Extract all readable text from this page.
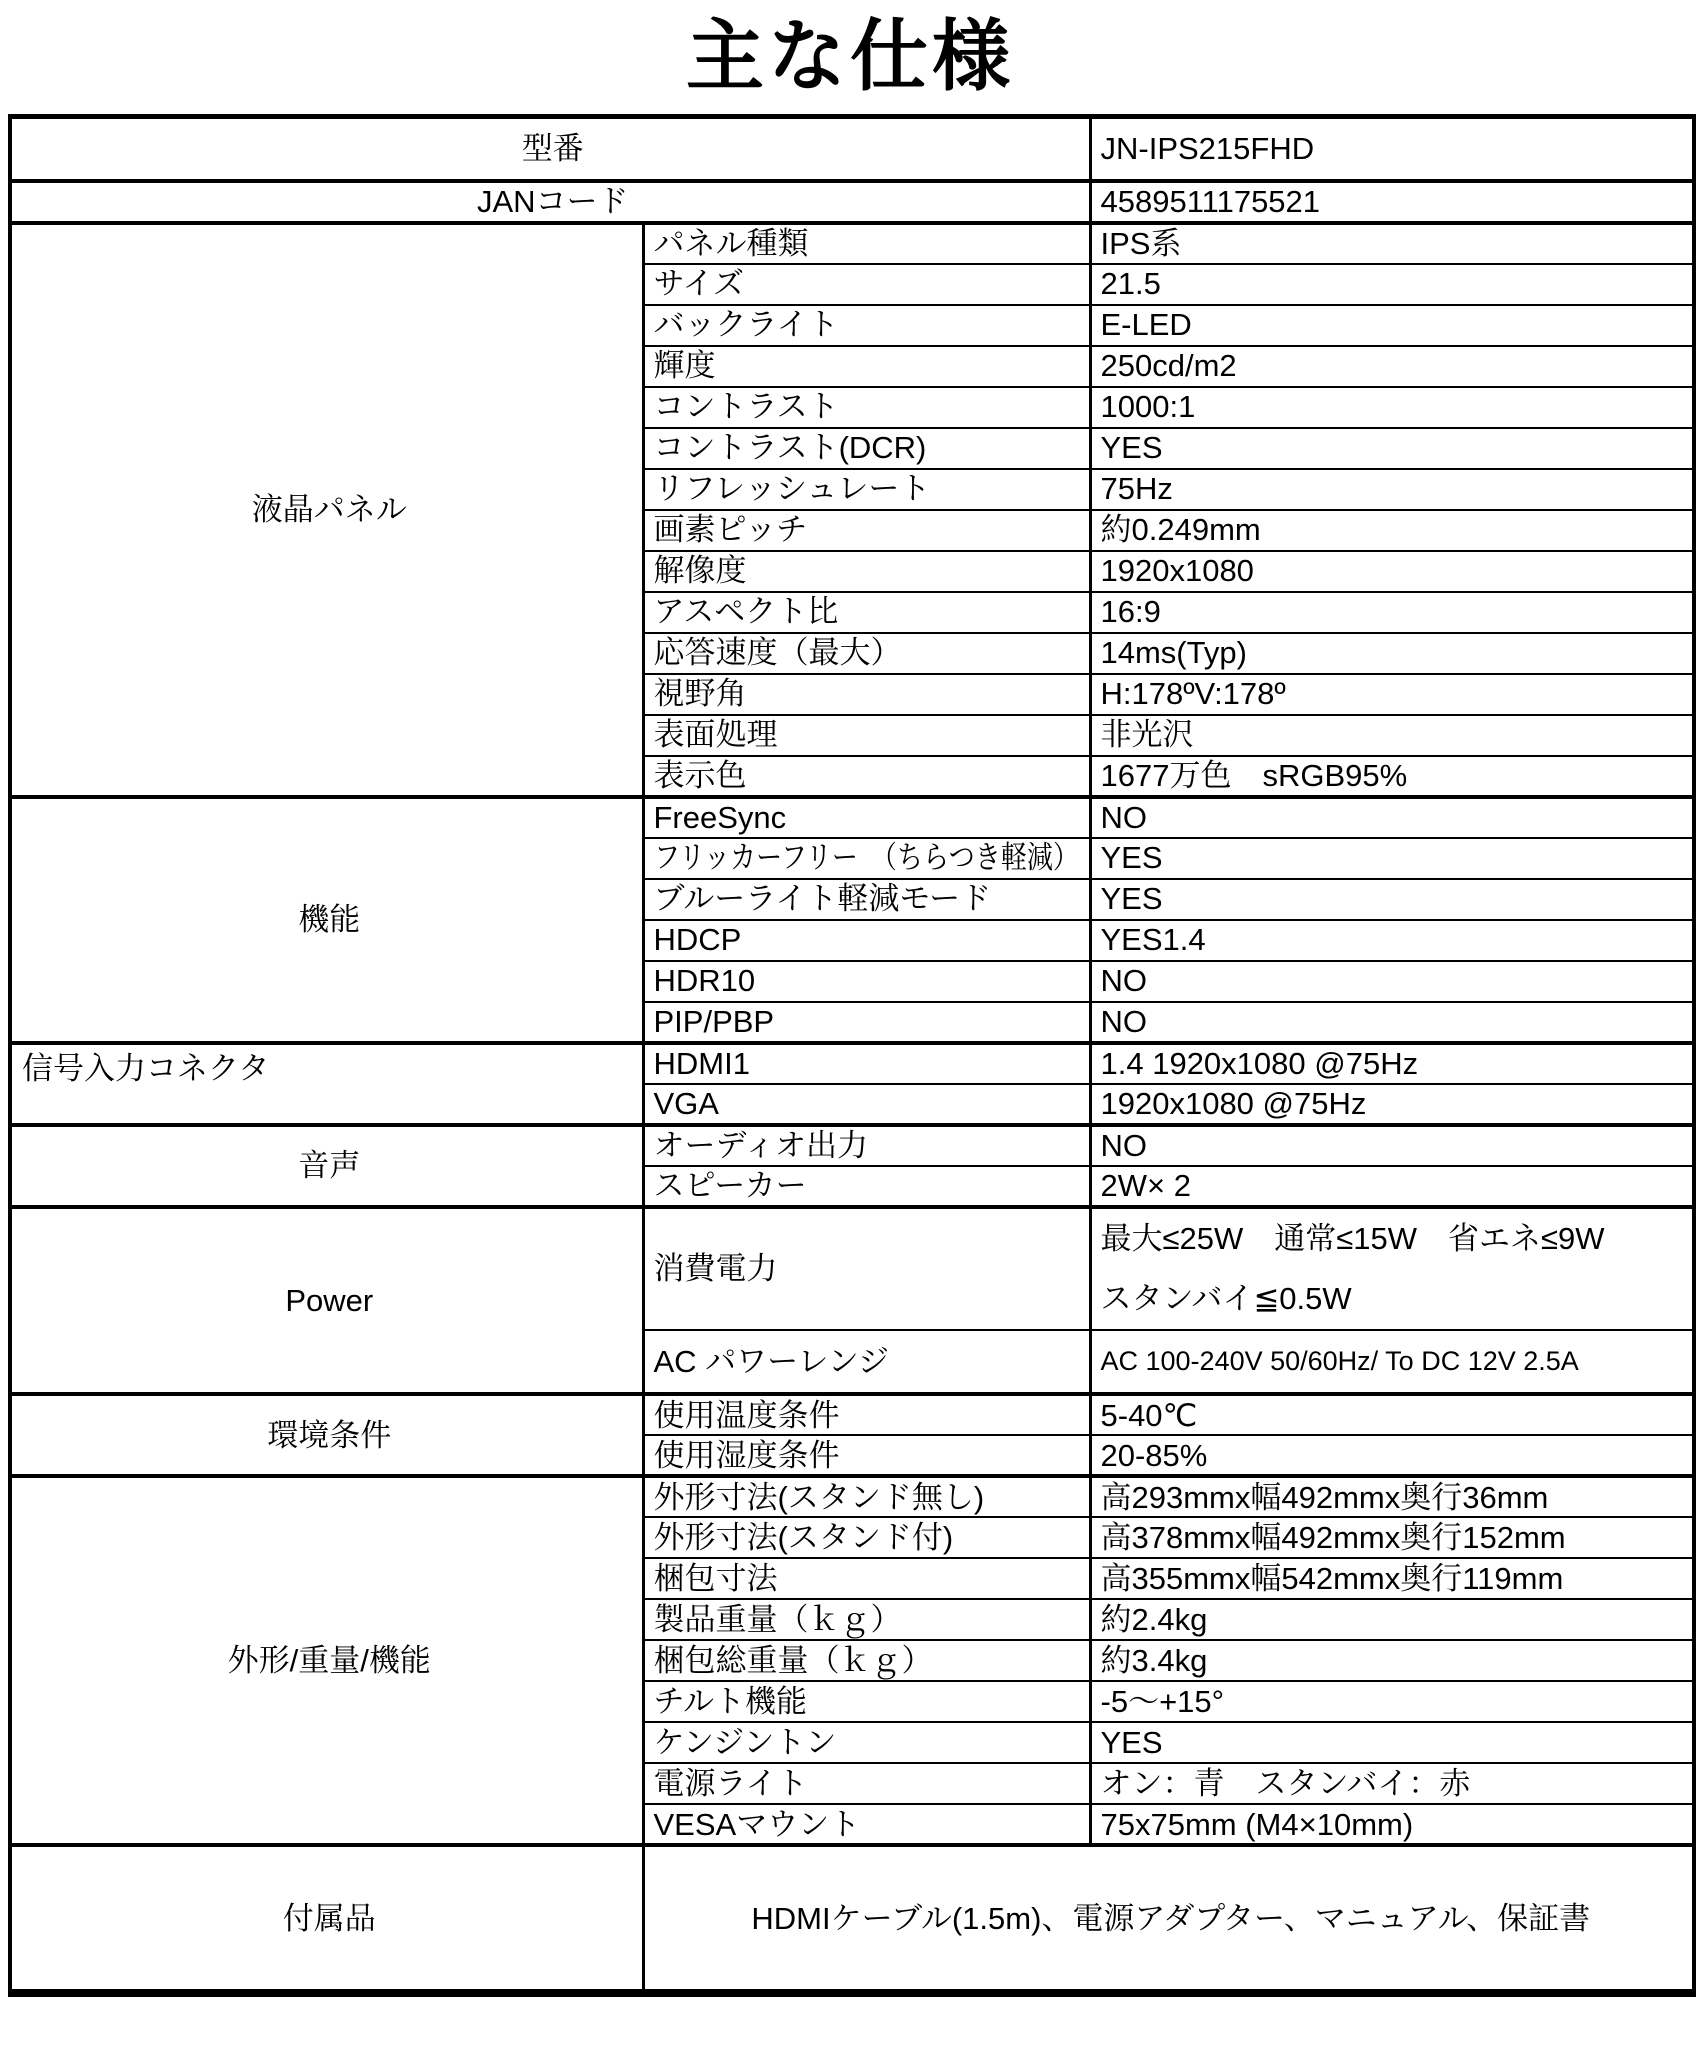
主な仕様
型番		JN-IPS215FHD
JANコード		4589511175521
液晶パネル	パネル種類	IPS系
	サイズ	21.5
	バックライト	E-LED
	輝度	250cd/m2
	コントラスト	1000:1
	コントラスト(DCR)	YES
	リフレッシュレート	75Hz
	画素ピッチ	約0.249mm
	解像度	1920x1080
	アスペクト比	16:9
	応答速度（最大）	14ms(Typ)
	視野角	H:178ºV:178º
	表面処理	非光沢
	表示色	1677万色　sRGB95%
機能	FreeSync	NO
	フリッカーフリー　（ちらつき軽減）	YES
	ブルーライト軽減モード	YES
	HDCP	YES1.4
	HDR10	NO
	PIP/PBP	NO
信号入力コネクタ	HDMI1	1.4 1920x1080 @75Hz
	VGA	1920x1080 @75Hz
音声	オーディオ出力	NO
	スピーカー	2W× 2
Power	消費電力	最大≤25W　通常≤15W　省エネ≤9W
スタンバイ≦0.5W
	AC パワーレンジ	AC 100-240V 50/60Hz/ To DC 12V 2.5A
環境条件	使用温度条件	5-40℃
	使用湿度条件	20-85%
外形/重量/機能	外形寸法(スタンド無し)	高293mmx幅492mmx奥行36mm
	外形寸法(スタンド付)	高378mmx幅492mmx奥行152mm
	梱包寸法	高355mmx幅542mmx奥行119mm
	製品重量（ｋｇ）	約2.4kg
	梱包総重量（ｋｇ）	約3.4kg
	チルト機能	-5～+15°
	ケンジントン	YES
	電源ライト	オン：青　スタンバイ：赤
	VESAマウント	75x75mm (M4×10mm)
付属品	HDMIケーブル(1.5m)、電源アダプター、マニュアル、保証書	
